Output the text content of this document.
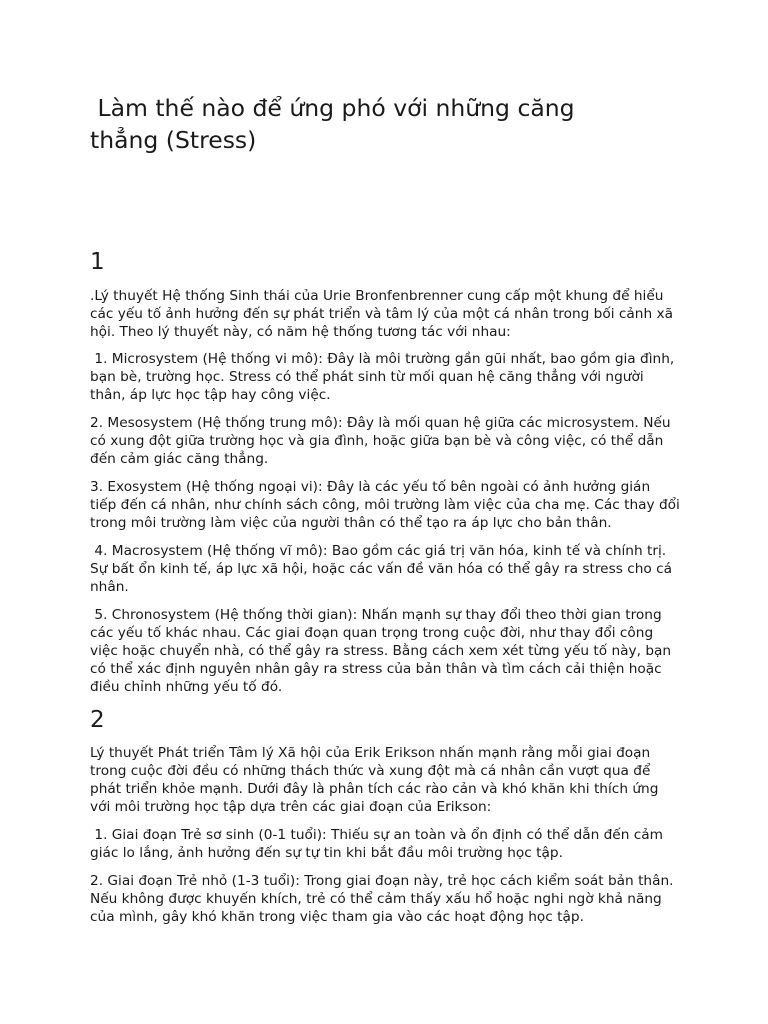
Làm thế nào để ứng phó với những căng thẳng (Stress)
1

.Lý thuyết Hệ thống Sinh thái của Urie Bronfenbrenner cung cấp một khung để hiểu các yếu tố ảnh hưởng đến sự phát triển và tâm lý của một cá nhân trong bối cảnh xã hội. Theo lý thuyết này, có năm hệ thống tương tác với nhau:

1. Microsystem (Hệ thống vi mô): Đây là môi trường gần gũi nhất, bao gồm gia đình, bạn bè, trường học. Stress có thể phát sinh từ mối quan hệ căng thẳng với người thân, áp lực học tập hay công việc.

2. Mesosystem (Hệ thống trung mô): Đây là mối quan hệ giữa các microsystem. Nếu có xung đột giữa trường học và gia đình, hoặc giữa bạn bè và công việc, có thể dẫn đến cảm giác căng thẳng.

3. Exosystem (Hệ thống ngoại vi): Đây là các yếu tố bên ngoài có ảnh hưởng gián tiếp đến cá nhân, như chính sách công, môi trường làm việc của cha mẹ. Các thay đổi trong môi trường làm việc của người thân có thể tạo ra áp lực cho bản thân.

4. Macrosystem (Hệ thống vĩ mô): Bao gồm các giá trị văn hóa, kinh tế và chính trị. Sự bất ổn kinh tế, áp lực xã hội, hoặc các vấn đề văn hóa có thể gây ra stress cho cá nhân.

5. Chronosystem (Hệ thống thời gian): Nhấn mạnh sự thay đổi theo thời gian trong các yếu tố khác nhau. Các giai đoạn quan trọng trong cuộc đời, như thay đổi công việc hoặc chuyển nhà, có thể gây ra stress. Bằng cách xem xét từng yếu tố này, bạn có thể xác định nguyên nhân gây ra stress của bản thân và tìm cách cải thiện hoặc điều chỉnh những yếu tố đó.

2

Lý thuyết Phát triển Tâm lý Xã hội của Erik Erikson nhấn mạnh rằng mỗi giai đoạn trong cuộc đời đều có những thách thức và xung đột mà cá nhân cần vượt qua để phát triển khỏe mạnh. Dưới đây là phân tích các rào cản và khó khăn khi thích ứng với môi trường học tập dựa trên các giai đoạn của Erikson:

1. Giai đoạn Trẻ sơ sinh (0-1 tuổi): Thiếu sự an toàn và ổn định có thể dẫn đến cảm giác lo lắng, ảnh hưởng đến sự tự tin khi bắt đầu môi trường học tập.

2. Giai đoạn Trẻ nhỏ (1-3 tuổi): Trong giai đoạn này, trẻ học cách kiểm soát bản thân. Nếu không được khuyến khích, trẻ có thể cảm thấy xấu hổ hoặc nghi ngờ khả năng của mình, gây khó khăn trong việc tham gia vào các hoạt động học tập.
